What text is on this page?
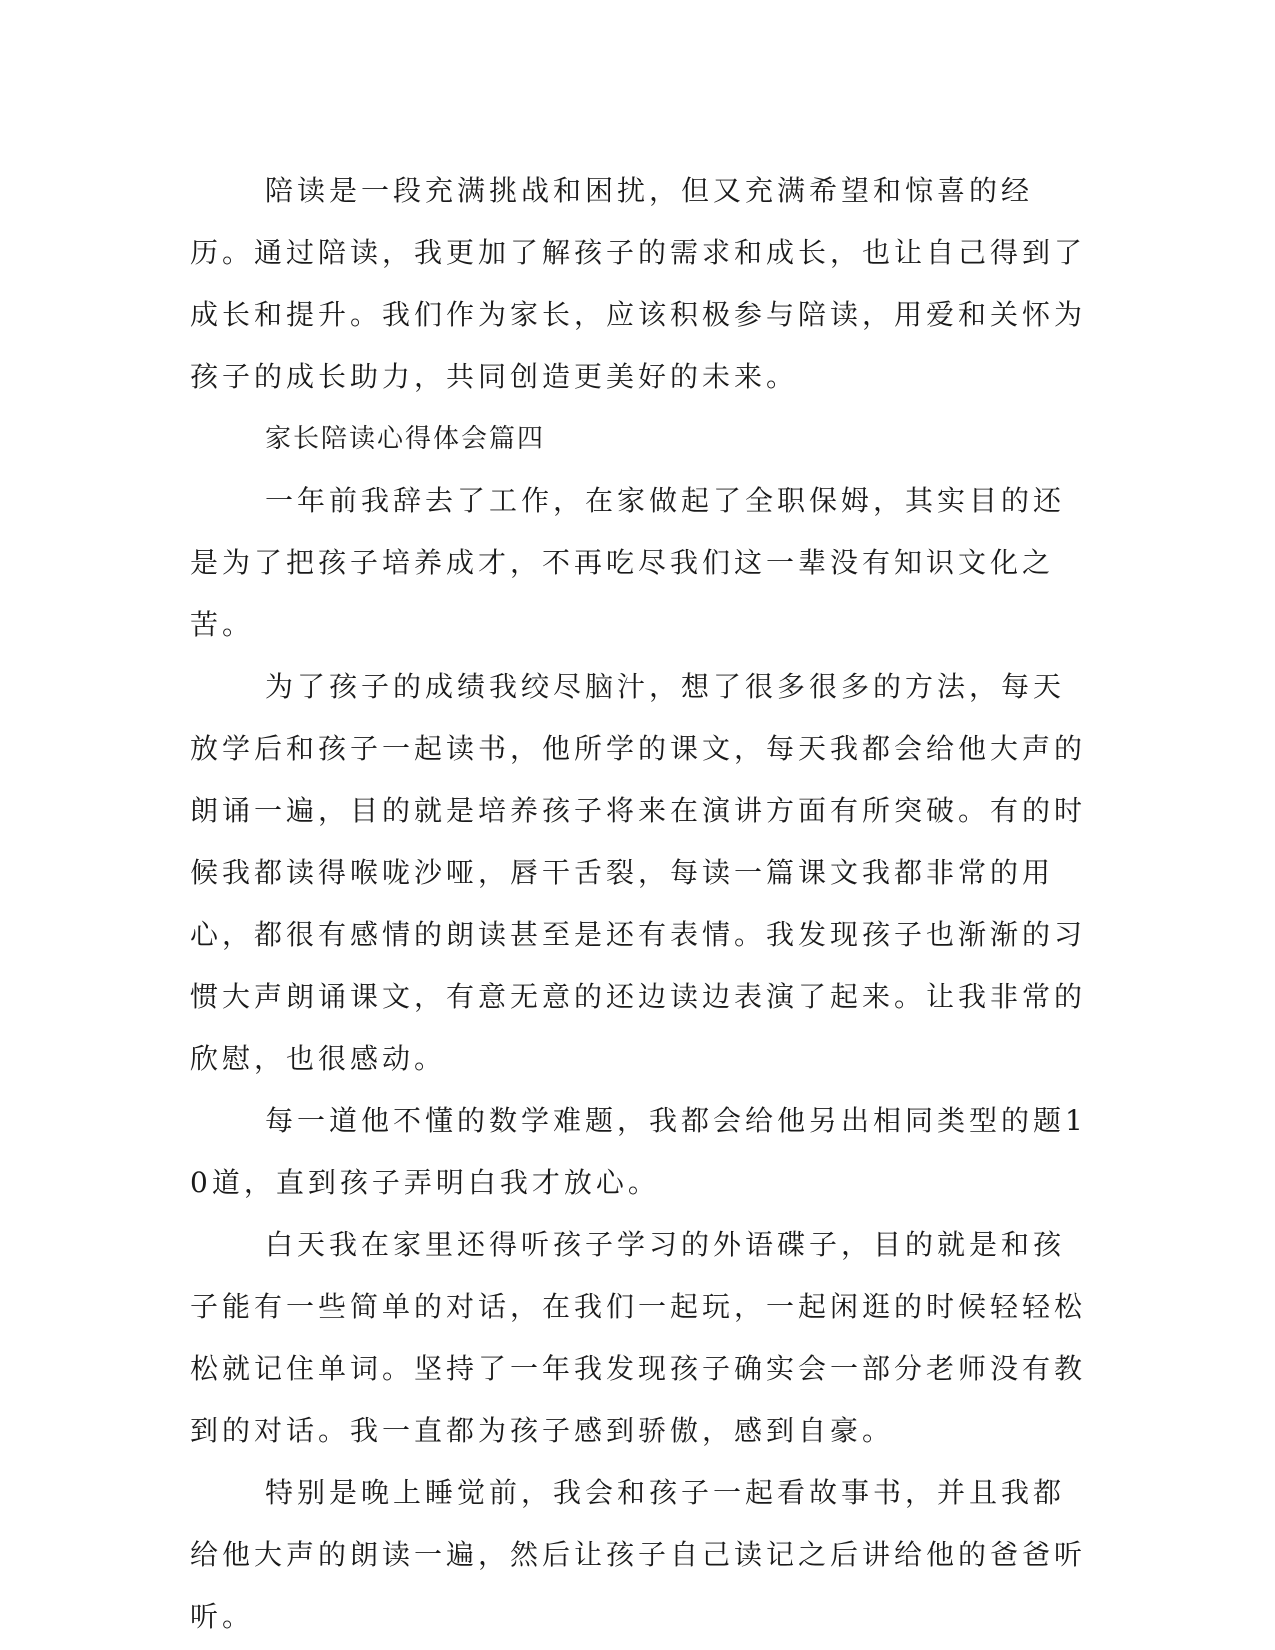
陪读是一段充满挑战和困扰，但又充满希望和惊喜的经历。通过陪读，我更加了解孩子的需求和成长，也让自己得到了成长和提升。我们作为家长，应该积极参与陪读，用爱和关怀为孩子的成长助力，共同创造更美好的未来。

家长陪读心得体会篇四

一年前我辞去了工作，在家做起了全职保姆，其实目的还是为了把孩子培养成才，不再吃尽我们这一辈没有知识文化之苦。

为了孩子的成绩我绞尽脑汁，想了很多很多的方法，每天放学后和孩子一起读书，他所学的课文，每天我都会给他大声的朗诵一遍，目的就是培养孩子将来在演讲方面有所突破。有的时候我都读得喉咙沙哑，唇干舌裂，每读一篇课文我都非常的用心，都很有感情的朗读甚至是还有表情。我发现孩子也渐渐的习惯大声朗诵课文，有意无意的还边读边表演了起来。让我非常的欣慰，也很感动。

每一道他不懂的数学难题，我都会给他另出相同类型的题10道，直到孩子弄明白我才放心。

白天我在家里还得听孩子学习的外语碟子，目的就是和孩子能有一些简单的对话，在我们一起玩，一起闲逛的时候轻轻松松就记住单词。坚持了一年我发现孩子确实会一部分老师没有教到的对话。我一直都为孩子感到骄傲，感到自豪。

特别是晚上睡觉前，我会和孩子一起看故事书，并且我都给他大声的朗读一遍，然后让孩子自己读记之后讲给他的爸爸听听。
